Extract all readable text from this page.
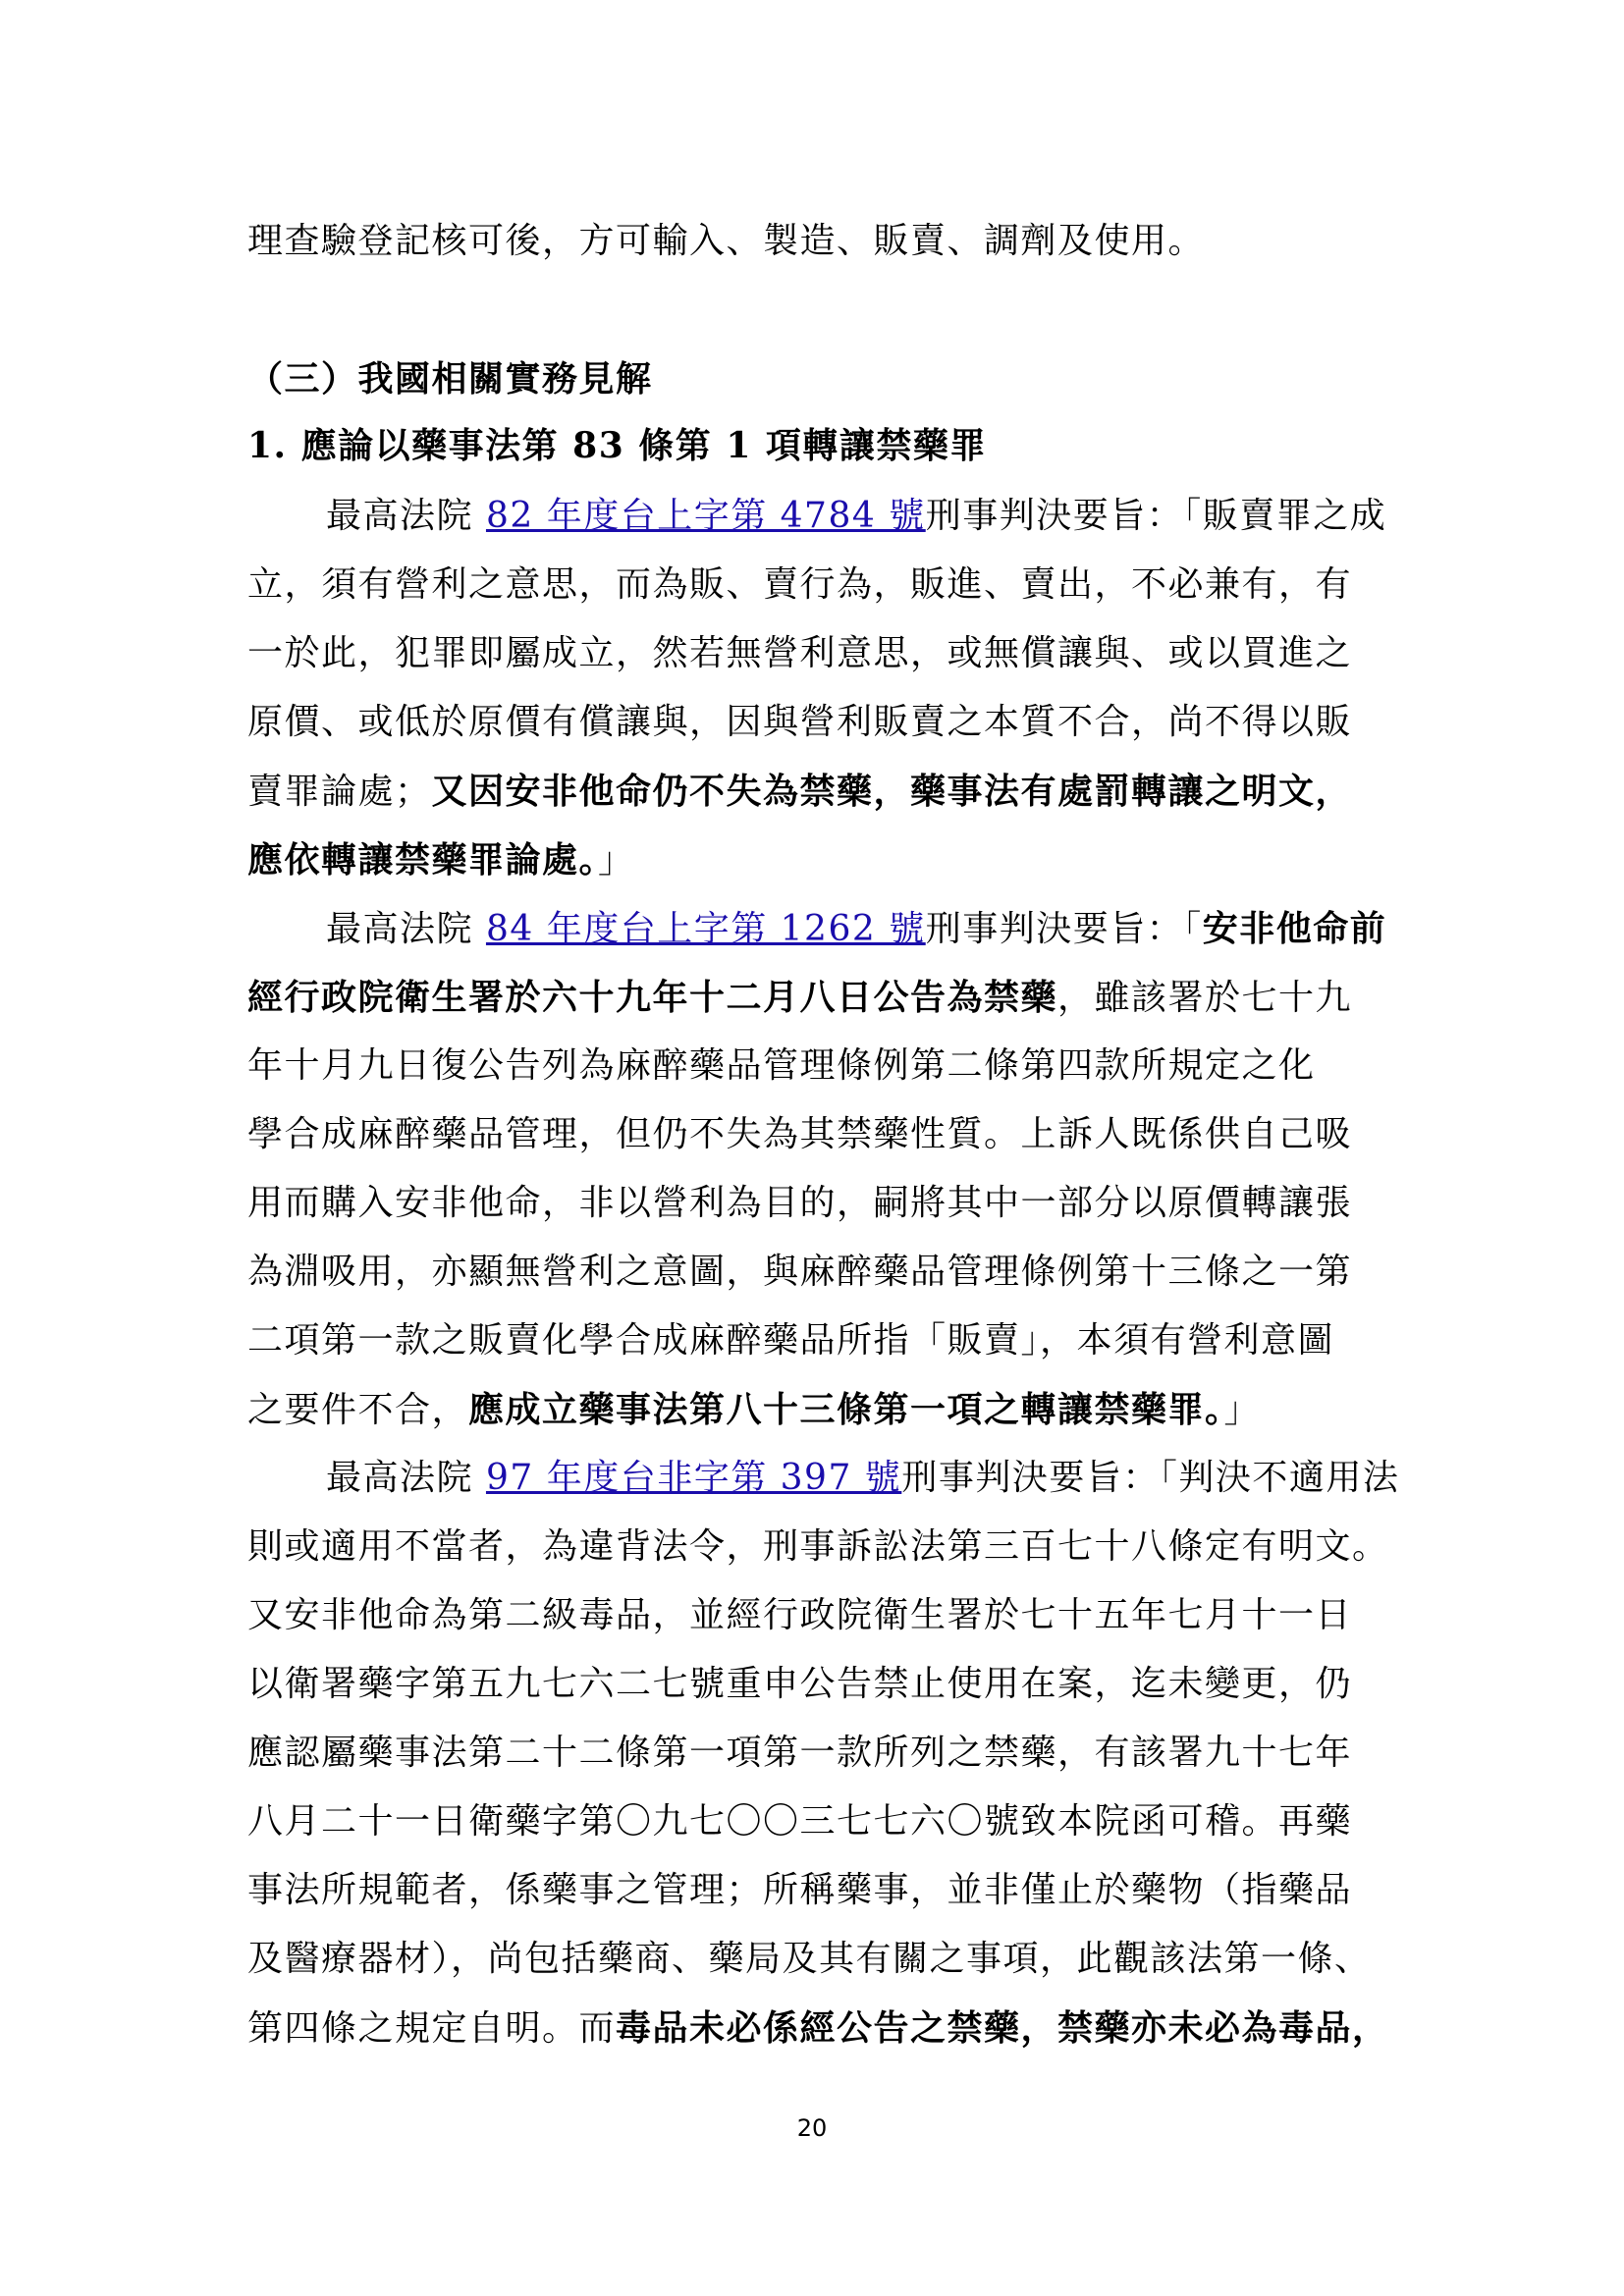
理查驗登記核可後，方可輸入、製造、販賣、調劑及使用。
（三）我國相關實務見解
1. 應論以藥事法第 83 條第 1 項轉讓禁藥罪
最高法院 82 年度台上字第 4784 號刑事判決要旨：「販賣罪之成
立，須有營利之意思，而為販、賣行為，販進、賣出，不必兼有，有
一於此，犯罪即屬成立，然若無營利意思，或無償讓與、或以買進之
原價、或低於原價有償讓與，因與營利販賣之本質不合，尚不得以販
賣罪論處；又因安非他命仍不失為禁藥，藥事法有處罰轉讓之明文，
應依轉讓禁藥罪論處。」
最高法院 84 年度台上字第 1262 號刑事判決要旨：「安非他命前
經行政院衛生署於六十九年十二月八日公告為禁藥，雖該署於七十九
年十月九日復公告列為麻醉藥品管理條例第二條第四款所規定之化
學合成麻醉藥品管理，但仍不失為其禁藥性質。上訴人既係供自己吸
用而購入安非他命，非以營利為目的，嗣將其中一部分以原價轉讓張
為淵吸用，亦顯無營利之意圖，與麻醉藥品管理條例第十三條之一第
二項第一款之販賣化學合成麻醉藥品所指「販賣」，本須有營利意圖
之要件不合，應成立藥事法第八十三條第一項之轉讓禁藥罪。」
最高法院 97 年度台非字第 397 號刑事判決要旨：「判決不適用法
則或適用不當者，為違背法令，刑事訴訟法第三百七十八條定有明文。
又安非他命為第二級毒品，並經行政院衛生署於七十五年七月十一日
以衛署藥字第五九七六二七號重申公告禁止使用在案，迄未變更，仍
應認屬藥事法第二十二條第一項第一款所列之禁藥，有該署九十七年
八月二十一日衛藥字第〇九七〇〇三七七六〇號致本院函可稽。再藥
事法所規範者，係藥事之管理；所稱藥事，並非僅止於藥物（指藥品
及醫療器材），尚包括藥商、藥局及其有關之事項，此觀該法第一條、
第四條之規定自明。而毒品未必係經公告之禁藥，禁藥亦未必為毒品，
20
